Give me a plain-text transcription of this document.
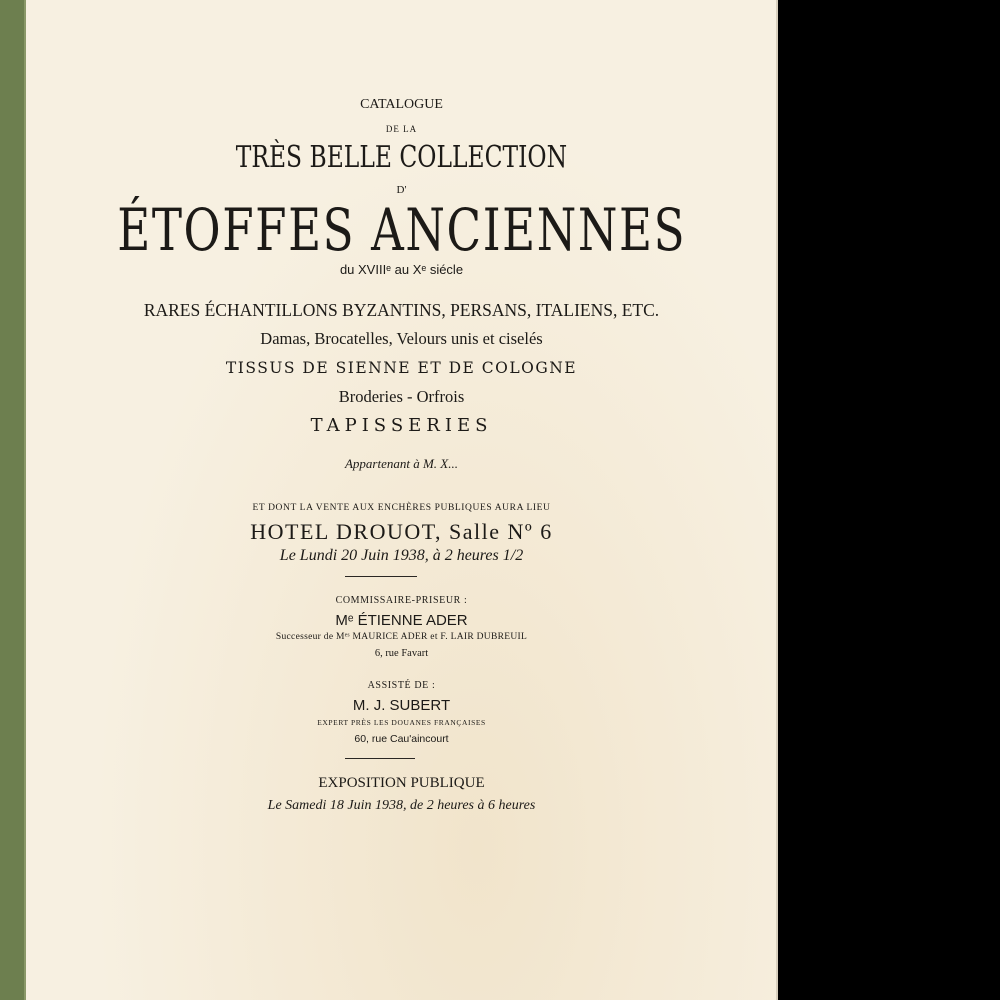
CATALOGUE
DE LA
TRÈS BELLE COLLECTION
D'
ÉTOFFES ANCIENNES
du XVIIIᵉ au Xᵉ siécle
RARES ÉCHANTILLONS BYZANTINS, PERSANS, ITALIENS, ETC.
Damas, Brocatelles, Velours unis et ciselés
TISSUS DE SIENNE ET DE COLOGNE
Broderies - Orfrois
TAPISSERIES
Appartenant à M. X...
ET DONT LA VENTE AUX ENCHÈRES PUBLIQUES AURA LIEU
HOTEL DROUOT, Salle Nº 6
Le Lundi 20 Juin 1938, à 2 heures 1/2
COMMISSAIRE-PRISEUR :
Mᵉ ÉTIENNE ADER
Successeur de Mᵉˢ MAURICE ADER et F. LAIR DUBREUIL
6, rue Favart
ASSISTÉ DE :
M. J. SUBERT
EXPERT PRÈS LES DOUANES FRANÇAISES
60, rue Cau'aincourt
EXPOSITION PUBLIQUE
Le Samedi 18 Juin 1938, de 2 heures à 6 heures
